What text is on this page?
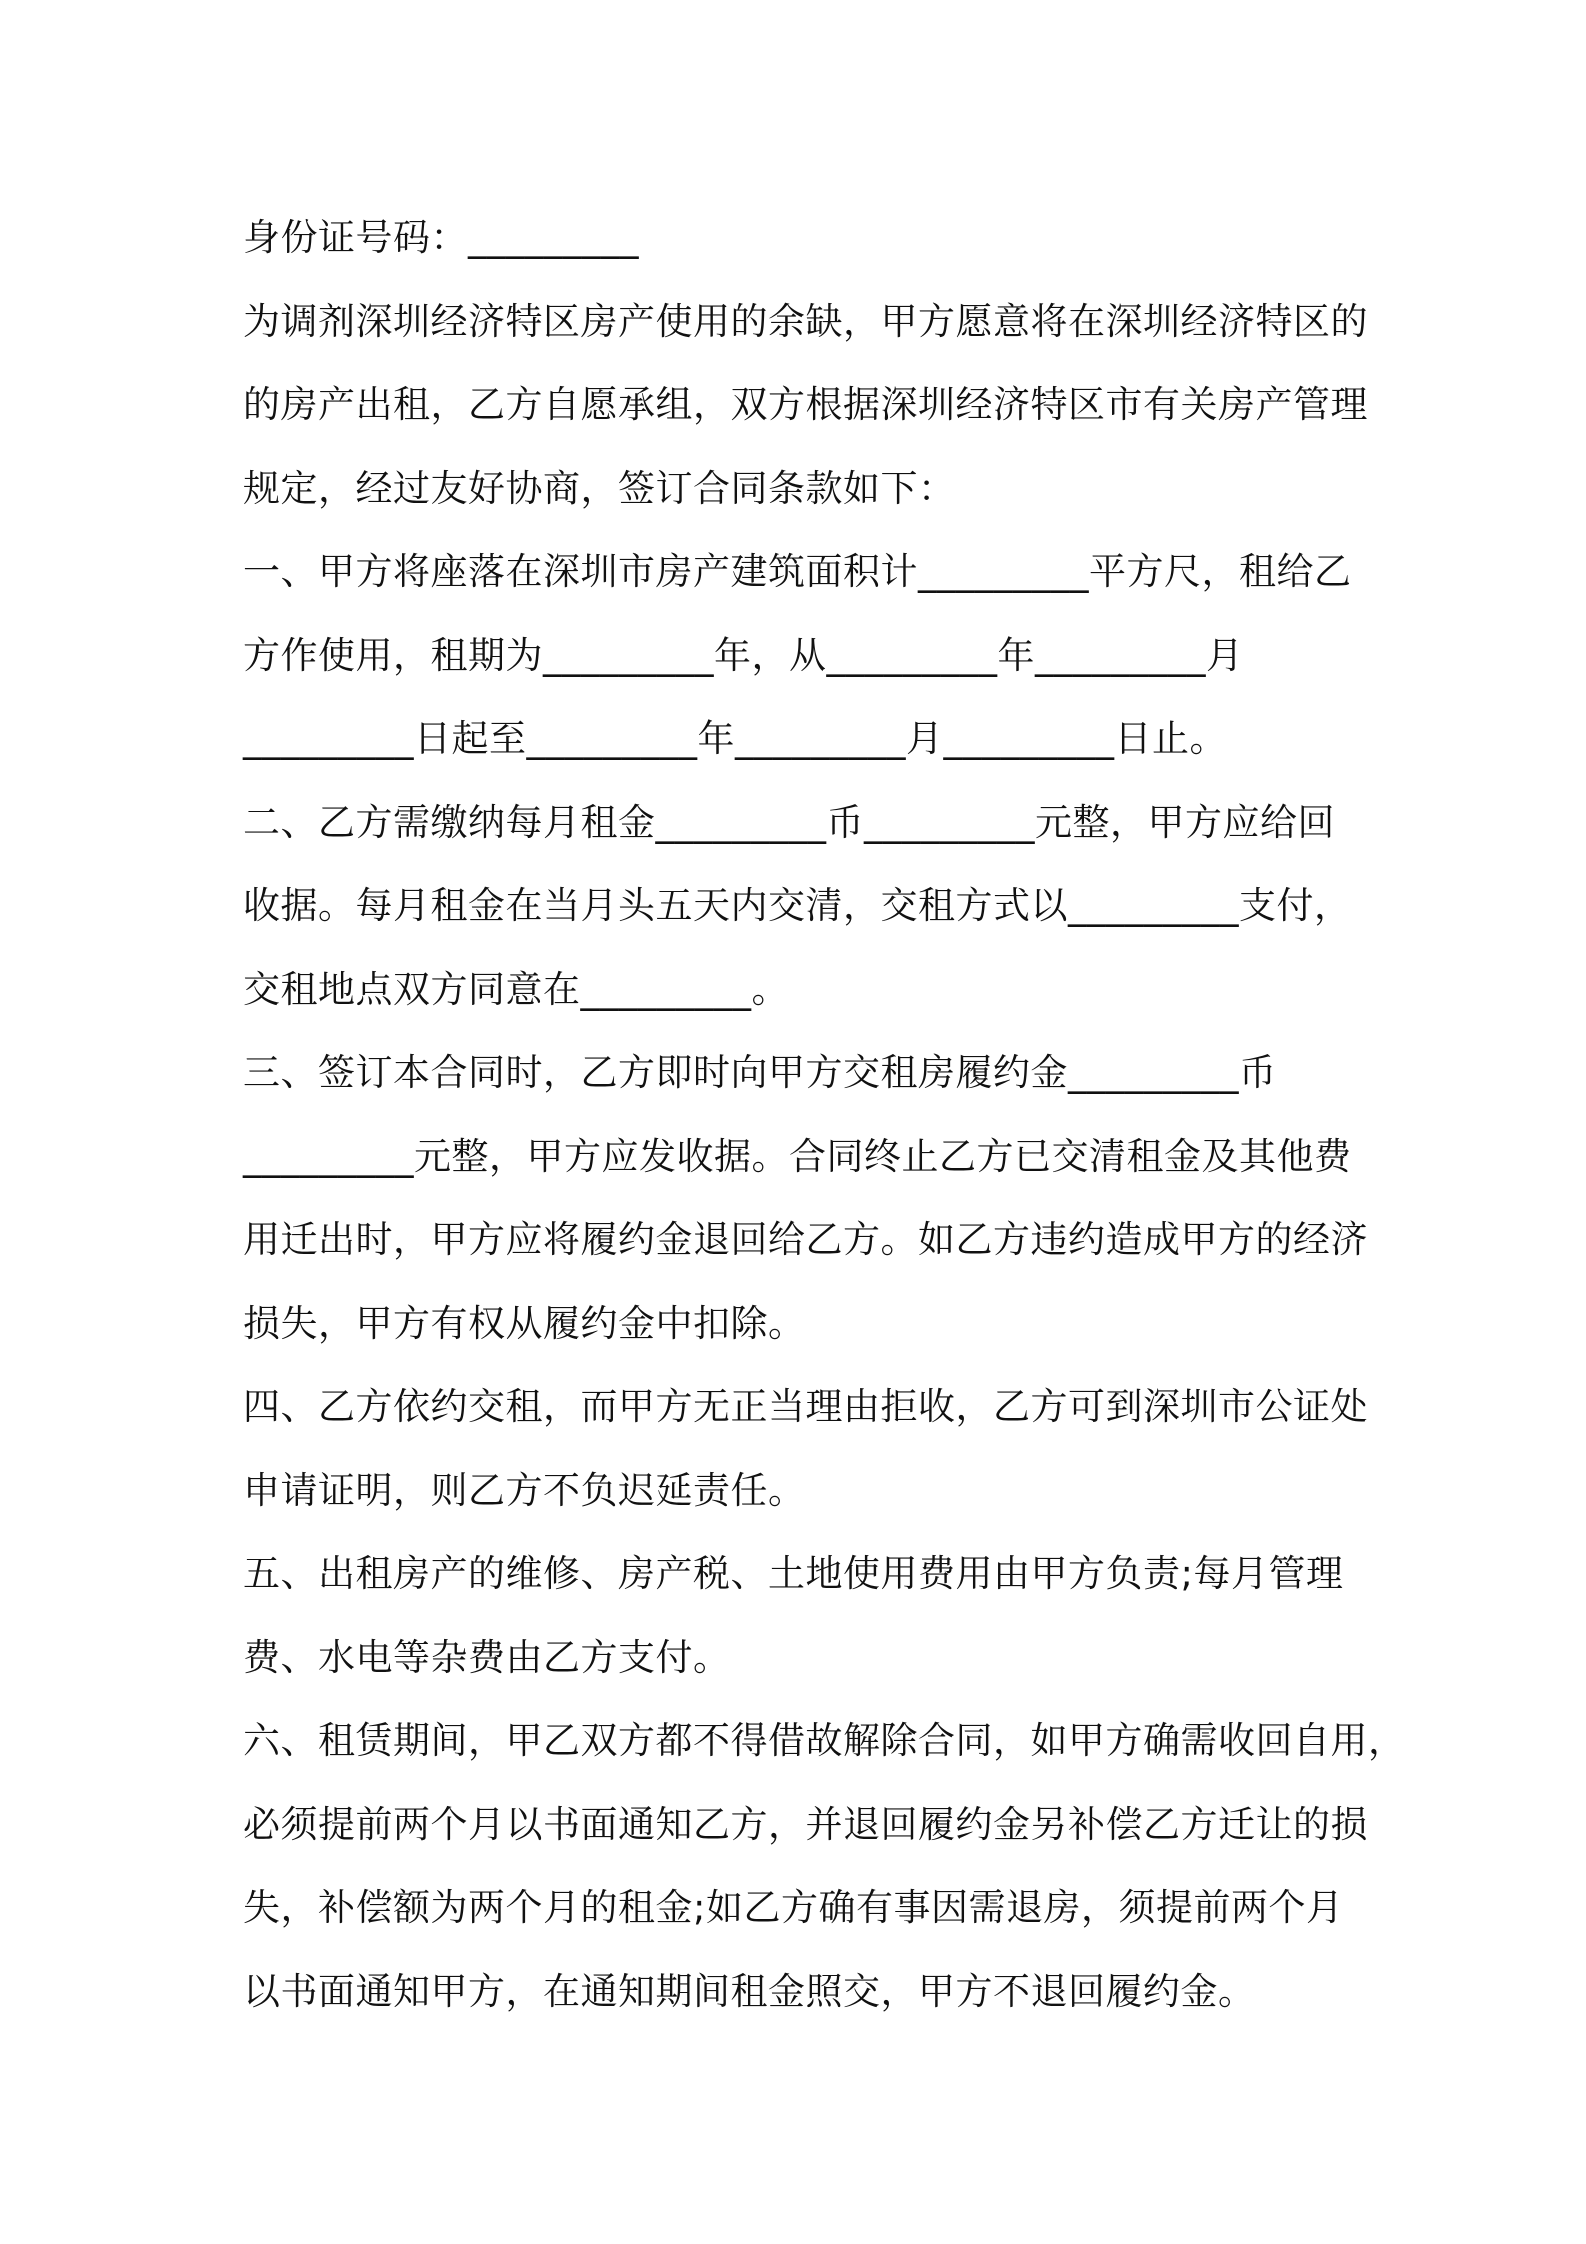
身份证号码：_________
为调剂深圳经济特区房产使用的余缺，甲方愿意将在深圳经济特区的
的房产出租，乙方自愿承组，双方根据深圳经济特区市有关房产管理
规定，经过友好协商，签订合同条款如下：
一、甲方将座落在深圳市房产建筑面积计_________平方尺，租给乙
方作使用，租期为_________年，从_________年_________月
_________日起至_________年_________月_________日止。
二、乙方需缴纳每月租金_________币_________元整，甲方应给回
收据。每月租金在当月头五天内交清，交租方式以_________支付，
交租地点双方同意在_________。
三、签订本合同时，乙方即时向甲方交租房履约金_________币
_________元整，甲方应发收据。合同终止乙方已交清租金及其他费
用迁出时，甲方应将履约金退回给乙方。如乙方违约造成甲方的经济
损失，甲方有权从履约金中扣除。
四、乙方依约交租，而甲方无正当理由拒收，乙方可到深圳市公证处
申请证明，则乙方不负迟延责任。
五、出租房产的维修、房产税、土地使用费用由甲方负责;每月管理
费、水电等杂费由乙方支付。
六、租赁期间，甲乙双方都不得借故解除合同，如甲方确需收回自用，
必须提前两个月以书面通知乙方，并退回履约金另补偿乙方迁让的损
失，补偿额为两个月的租金;如乙方确有事因需退房，须提前两个月
以书面通知甲方，在通知期间租金照交，甲方不退回履约金。
